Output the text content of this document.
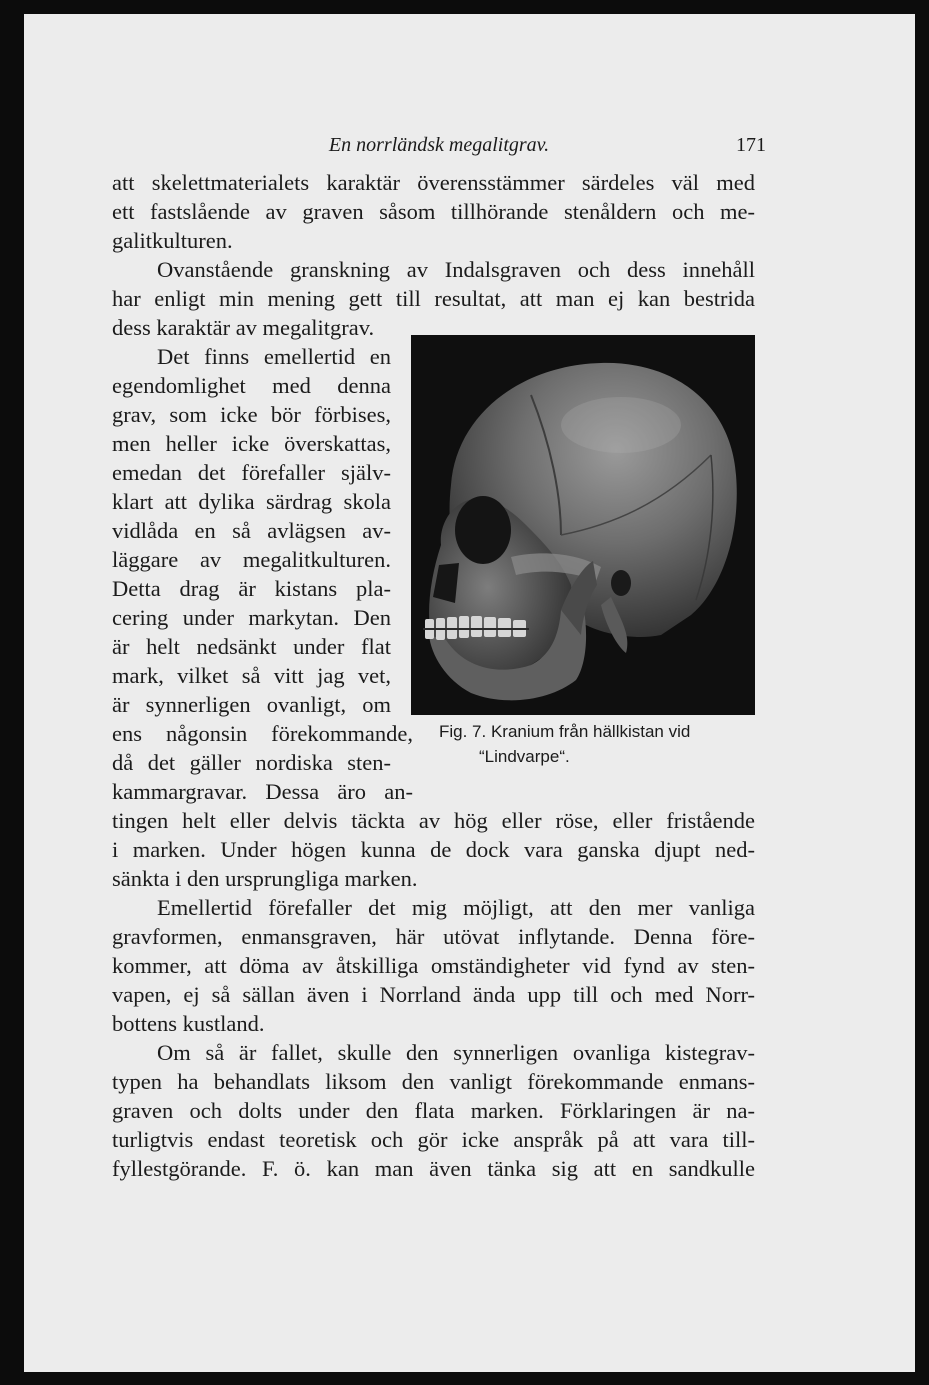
En norrländsk megalitgrav.	171
att skelettmaterialets karaktär överensstämmer särdeles väl med
ett fastslående av graven såsom tillhörande stenåldern och me-
galitkulturen.
Ovanstående granskning av Indalsgraven och dess innehåll
har enligt min mening gett till resultat, att man ej kan bestrida
dess karaktär av megalitgrav.
Det finns emellertid en
egendomlighet med denna
grav, som icke bör förbises,
men heller icke överskattas,
emedan det förefaller själv-
klart att dylika särdrag skola
vidlåda en så avlägsen av-
läggare av megalitkulturen.
Detta drag är kistans pla-
cering under markytan. Den
är helt nedsänkt under flat
mark, vilket så vitt jag vet,
är synnerligen ovanligt, om
ens någonsin förekommande,
då det gäller nordiska sten-
kammargravar. Dessa äro an-
tingen helt eller delvis täckta av hög eller röse, eller fristående
i marken. Under högen kunna de dock vara ganska djupt ned-
sänkta i den ursprungliga marken.
Emellertid förefaller det mig möjligt, att den mer vanliga
gravformen, enmansgraven, här utövat inflytande. Denna före-
kommer, att döma av åtskilliga omständigheter vid fynd av sten-
vapen, ej så sällan även i Norrland ända upp till och med Norr-
bottens kustland.
Om så är fallet, skulle den synnerligen ovanliga kistegrav-
typen ha behandlats liksom den vanligt förekommande enmans-
graven och dolts under den flata marken. Förklaringen är na-
turligtvis endast teoretisk och gör icke anspråk på att vara till-
fyllestgörande. F. ö. kan man även tänka sig att en sandkulle
Fig. 7. Kranium från hällkistan vid
“Lindvarpe“.
